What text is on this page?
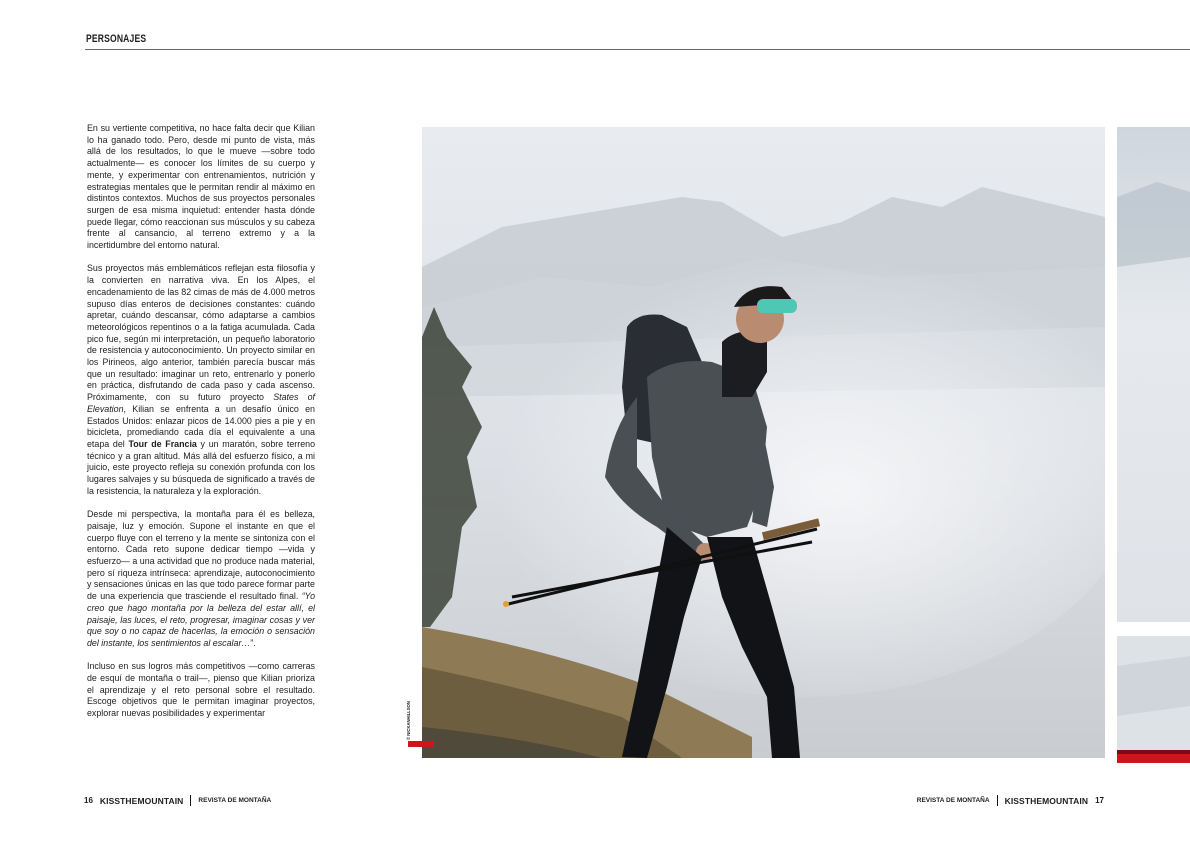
PERSONAJES

En su vertiente competitiva, no hace falta decir que Kilian lo ha ganado todo. Pero, desde mi punto de vista, más allá de los resultados, lo que le mueve —sobre todo actualmente— es conocer los límites de su cuerpo y mente, y experimentar con entrenamientos, nutrición y estrategias mentales que le permitan rendir al máximo en distintos contextos. Muchos de sus proyectos personales surgen de esa misma inquietud: entender hasta dónde puede llegar, cómo reaccionan sus músculos y su cabeza frente al cansancio, al terreno extremo y a la incertidumbre del entorno natural.

Sus proyectos más emblemáticos reflejan esta filosofía y la convierten en narrativa viva. En los Alpes, el encadenamiento de las 82 cimas de más de 4.000 metros supuso días enteros de decisiones constantes: cuándo apretar, cuándo descansar, cómo adaptarse a cambios meteorológicos repentinos o a la fatiga acumulada. Cada pico fue, según mi interpretación, un pequeño laboratorio de resistencia y autoconocimiento. Un proyecto similar en los Pirineos, algo anterior, también parecía buscar más que un resultado: imaginar un reto, entrenarlo y ponerlo en práctica, disfrutando de cada paso y cada ascenso. Próximamente, con su futuro proyecto States of Elevation, Kilian se enfrenta a un desafío único en Estados Unidos: enlazar picos de 14.000 pies a pie y en bicicleta, promediando cada día el equivalente a una etapa del Tour de Francia y un maratón, sobre terreno técnico y a gran altitud. Más allá del esfuerzo físico, a mi juicio, este proyecto refleja su conexión profunda con los lugares salvajes y su búsqueda de significado a través de la resistencia, la naturaleza y la exploración.

Desde mi perspectiva, la montaña para él es belleza, paisaje, luz y emoción. Supone el instante en que el cuerpo fluye con el terreno y la mente se sintoniza con el entorno. Cada reto supone dedicar tiempo —vida y esfuerzo— a una actividad que no produce nada material, pero sí riqueza intrínseca: aprendizaje, autoconocimiento y sensaciones únicas en las que todo parece formar parte de una experiencia que trasciende el resultado final. “Yo creo que hago montaña por la belleza del estar allí, el paisaje, las luces, el reto, progresar, imaginar cosas y ver que soy o no capaz de hacerlas, la emoción o sensación del instante, los sentimientos al escalar…”.

Incluso en sus logros más competitivos —como carreras de esquí de montaña o trail—, pienso que Kilian prioriza el aprendizaje y el reto personal sobre el resultado. Escoge objetivos que le permitan imaginar proyectos, explorar nuevas posibilidades y experimentar	© NICKANHILLSON
16 KISSTHEMOUNTAIN REVISTA DE MONTAÑA	REVISTA DE MONTAÑA KISSTHEMOUNTAIN 17
